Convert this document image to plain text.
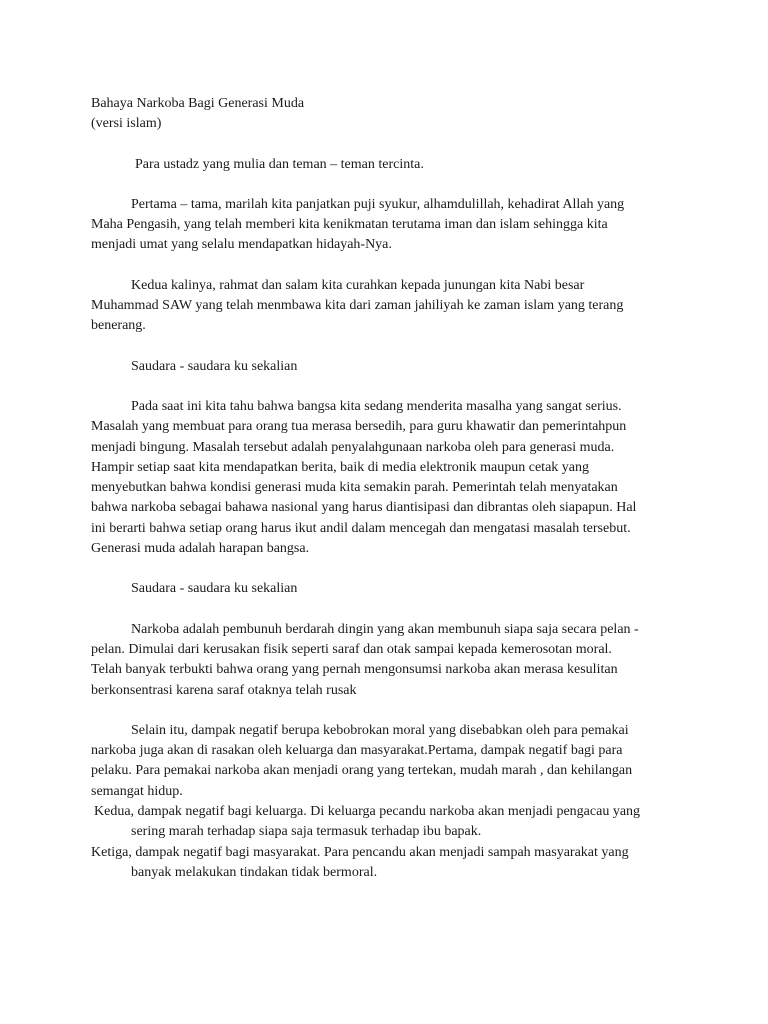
Bahaya Narkoba Bagi Generasi Muda
(versi islam)
Para ustadz yang mulia dan teman – teman tercinta.
Pertama – tama, marilah kita panjatkan puji syukur, alhamdulillah, kehadirat Allah yang
Maha Pengasih, yang telah memberi kita kenikmatan terutama iman dan islam sehingga kita
menjadi umat yang selalu mendapatkan hidayah-Nya.
Kedua kalinya, rahmat dan salam kita curahkan kepada junungan kita Nabi besar
Muhammad SAW yang telah menmbawa kita dari zaman jahiliyah ke zaman islam yang terang
benerang.
Saudara - saudara ku sekalian
Pada saat ini kita tahu bahwa bangsa kita sedang menderita masalha yang sangat serius.
Masalah yang membuat para orang tua merasa bersedih, para guru khawatir dan pemerintahpun
menjadi bingung. Masalah tersebut adalah penyalahgunaan narkoba oleh para generasi muda.
Hampir setiap saat kita mendapatkan berita, baik di media elektronik maupun cetak yang
menyebutkan bahwa kondisi generasi muda kita semakin parah. Pemerintah telah menyatakan
bahwa narkoba sebagai bahawa nasional yang harus diantisipasi dan dibrantas oleh siapapun. Hal
ini berarti bahwa setiap orang harus ikut andil dalam mencegah dan mengatasi masalah tersebut.
Generasi muda adalah harapan bangsa.
Saudara - saudara ku sekalian
Narkoba adalah pembunuh berdarah dingin yang akan membunuh siapa saja secara pelan -
pelan. Dimulai dari kerusakan fisik seperti saraf dan otak sampai kepada kemerosotan moral.
Telah banyak terbukti bahwa orang yang pernah mengonsumsi narkoba akan merasa kesulitan
berkonsentrasi karena saraf otaknya telah rusak
Selain itu, dampak negatif berupa kebobrokan moral yang disebabkan oleh para pemakai
narkoba juga akan di rasakan oleh keluarga dan masyarakat.Pertama, dampak negatif bagi para
pelaku. Para pemakai narkoba akan menjadi orang yang tertekan, mudah marah , dan kehilangan
semangat hidup.
Kedua, dampak negatif bagi keluarga. Di keluarga pecandu narkoba akan menjadi pengacau yang
sering marah terhadap siapa saja termasuk terhadap ibu bapak.
Ketiga, dampak negatif bagi masyarakat. Para pencandu akan menjadi sampah masyarakat yang
banyak melakukan tindakan tidak bermoral.
